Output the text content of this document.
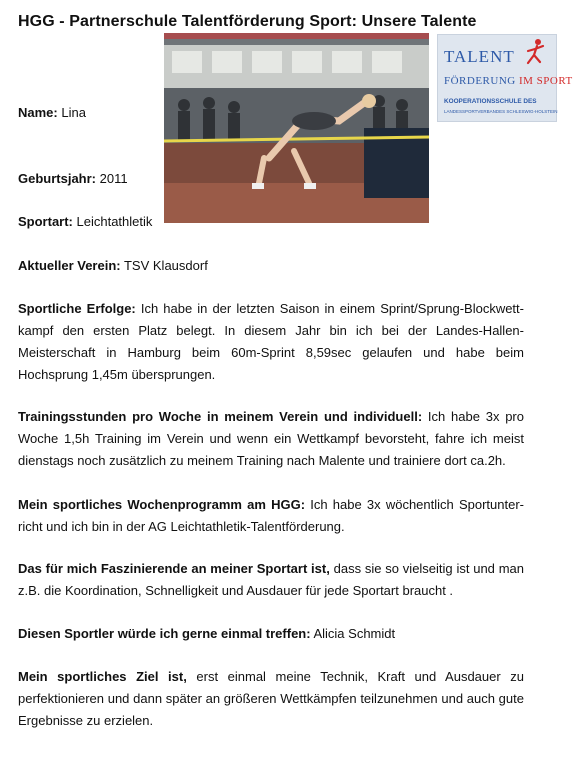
HGG - Partnerschule Talentförderung Sport: Unsere Talente
TALENT
FÖRDERUNG IM SPORT
KOOPERATIONSSCHULE DES
LANDESSPORTVERBANDES SCHLESWIG-HOLSTEIN
Name: Lina
Geburtsjahr: 2011
Sportart: Leichtathletik
Aktueller Verein: TSV Klausdorf
Sportliche Erfolge: Ich habe in der letzten Saison in einem Sprint/Sprung-Blockwett-kampf den ersten Platz belegt. In diesem Jahr bin ich bei der Landes-Hallen-Meisterschaft in Hamburg beim 60m-Sprint 8,59sec gelaufen und habe beim Hochsprung 1,45m übersprungen.
Trainingsstunden pro Woche in meinem Verein und individuell: Ich habe 3x pro Woche 1,5h Training im Verein und wenn ein Wettkampf bevorsteht, fahre ich meist dienstags noch zusätzlich zu meinem Training nach Malente und trainiere dort ca.2h.
Mein sportliches Wochenprogramm am HGG: Ich habe 3x wöchentlich Sportunter-richt und ich bin in der AG Leichtathletik-Talentförderung.
Das für mich Faszinierende an meiner Sportart ist, dass sie so vielseitig ist und man z.B. die Koordination, Schnelligkeit und Ausdauer für jede Sportart braucht .
Diesen Sportler würde ich gerne einmal treffen: Alicia Schmidt
Mein sportliches Ziel ist, erst einmal meine Technik, Kraft und Ausdauer zu perfektionieren und dann später an größeren Wettkämpfen teilzunehmen und auch gute Ergebnisse zu erzielen.
